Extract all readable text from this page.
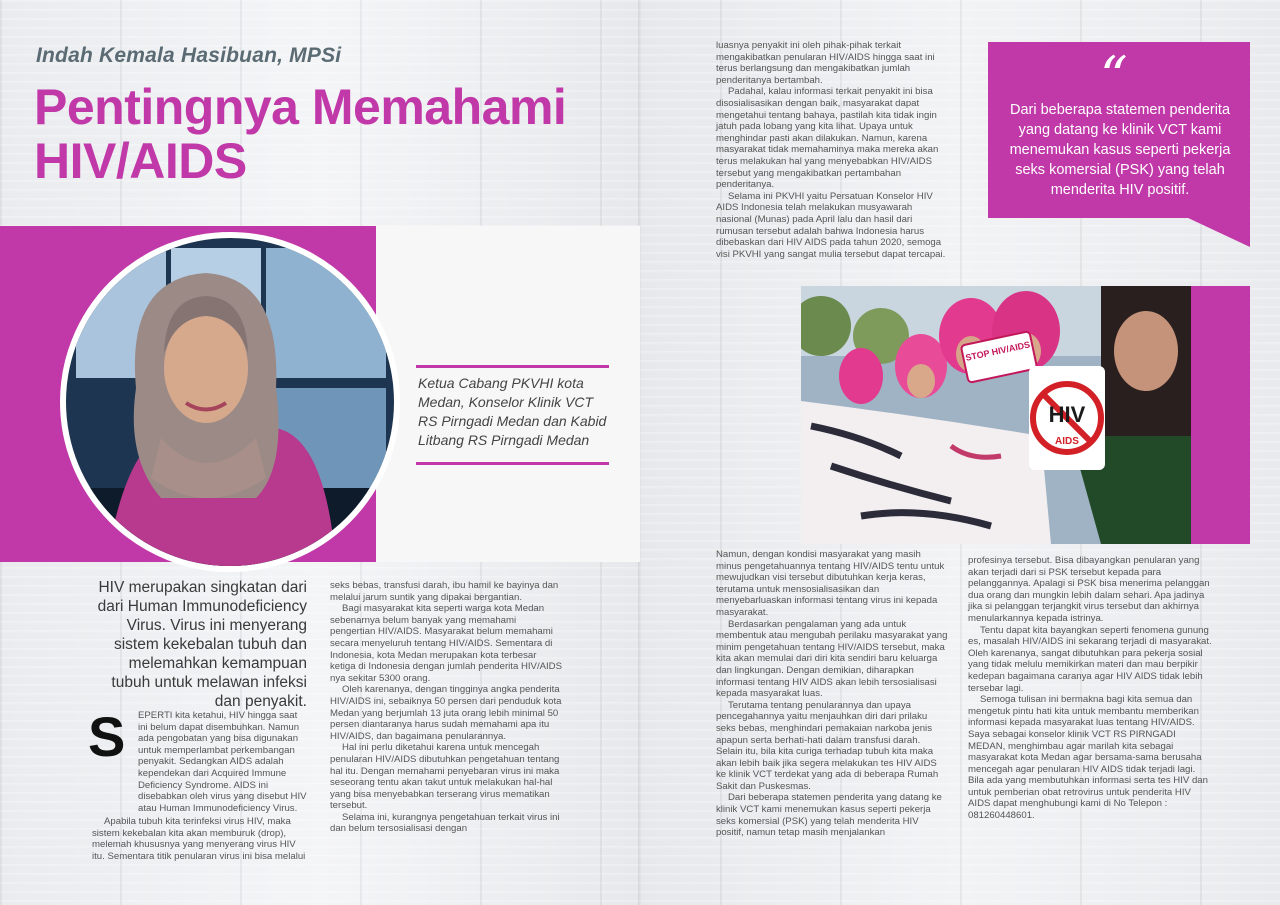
Indah Kemala Hasibuan, MPSi
Pentingnya Memahami HIV/AIDS
Ketua Cabang PKVHI kota Medan, Konselor Klinik VCT RS Pirngadi Medan dan Kabid Litbang RS Pirngadi Medan
HIV merupakan singkatan dari dari Human Immunodeficiency Virus. Virus ini menyerang sistem kekebalan tubuh dan melemahkan kemampuan tubuh untuk melawan infeksi dan penyakit.
S EPERTI kita ketahui, HIV hingga saat ini belum dapat disembuhkan. Namun ada pengobatan yang bisa digunakan untuk memperlambat perkembangan penyakit. Sedangkan AIDS adalah kependekan dari Acquired Immune Deficiency Syndrome. AIDS ini disebabkan oleh virus yang disebut HIV atau Human Immunodeficiency Virus.

Apabila tubuh kita terinfeksi virus HIV, maka sistem kekebalan kita akan memburuk (drop), melemah khususnya yang menyerang virus HIV itu. Sementara titik penularan virus ini bisa melalui

seks bebas, transfusi darah, ibu hamil ke bayinya dan melalui jarum suntik yang dipakai bergantian.

Bagi masyarakat kita seperti warga kota Medan sebenarnya belum banyak yang memahami pengertian HIV/AIDS. Masyarakat belum memahami secara menyeluruh tentang HIV/AIDS. Sementara di Indonesia, kota Medan merupakan kota terbesar ketiga di Indonesia dengan jumlah penderita HIV/AIDS nya sekitar 5300 orang.

Oleh karenanya, dengan tingginya angka penderita HIV/AIDS ini, sebaiknya 50 persen dari penduduk kota Medan yang berjumlah 13 juta orang lebih minimal 50 persen diantaranya harus sudah memahami apa itu HIV/AIDS, dan bagaimana penularannya.

Hal ini perlu diketahui karena untuk mencegah penularan HIV/AIDS dibutuhkan pengetahuan tentang hal itu. Dengan memahami penyebaran virus ini maka seseorang tentu akan takut untuk melakukan hal-hal yang bisa menyebabkan terserang virus mematikan tersebut.

Selama ini, kurangnya pengetahuan terkait virus ini dan belum tersosialisasi dengan

luasnya penyakit ini oleh pihak-pihak terkait mengakibatkan penularan HIV/AIDS hingga saat ini terus berlangsung dan mengakibatkan jumlah penderitanya bertambah.

Padahal, kalau informasi terkait penyakit ini bisa disosialisasikan dengan baik, masyarakat dapat mengetahui tentang bahaya, pastilah kita tidak ingin jatuh pada lobang yang kita lihat. Upaya untuk menghindar pasti akan dilakukan. Namun, karena masyarakat tidak memahaminya maka mereka akan terus melakukan hal yang menyebabkan HIV/AIDS tersebut yang mengakibatkan pertambahan penderitanya.

Selama ini PKVHI yaitu Persatuan Konselor HIV AIDS Indonesia telah melakukan musyawarah nasional (Munas) pada April lalu dan hasil dari rumusan tersebut adalah bahwa Indonesia harus dibebaskan dari HIV AIDS pada tahun 2020, semoga visi PKVHI yang sangat mulia tersebut dapat tercapai.

“
Dari beberapa statemen penderita yang datang ke klinik VCT kami menemukan kasus seperti pekerja seks komersial (PSK) yang telah menderita HIV positif.
STOP HIV/AIDS
HIV
AIDS

Namun, dengan kondisi masyarakat yang masih minus pengetahuannya tentang HIV/AIDS tentu untuk mewujudkan visi tersebut dibutuhkan kerja keras, terutama untuk mensosialisasikan dan menyebarluaskan informasi tentang virus ini kepada masyarakat.

Berdasarkan pengalaman yang ada untuk membentuk atau mengubah perilaku masyarakat yang minim pengetahuan tentang HIV/AIDS tersebut, maka kita akan memulai dari diri kita sendiri baru keluarga dan lingkungan. Dengan demikian, diharapkan informasi tentang HIV AIDS akan lebih tersosialisasi kepada masyarakat luas.

Terutama tentang penularannya dan upaya pencegahannya yaitu menjauhkan diri dari prilaku seks bebas, menghindari pemakaian narkoba jenis apapun serta berhati-hati dalam transfusi darah. Selain itu, bila kita curiga terhadap tubuh kita maka akan lebih baik jika segera melakukan tes HIV AIDS ke klinik VCT terdekat yang ada di beberapa Rumah Sakit dan Puskesmas.

Dari beberapa statemen penderita yang datang ke klinik VCT kami menemukan kasus seperti pekerja seks komersial (PSK) yang telah menderita HIV positif, namun tetap masih menjalankan

profesinya tersebut. Bisa dibayangkan penularan yang akan terjadi dari si PSK tersebut kepada para pelanggannya. Apalagi si PSK bisa menerima pelanggan dua orang dan mungkin lebih dalam sehari. Apa jadinya jika si pelanggan terjangkit virus tersebut dan akhirnya menularkannya kepada istrinya.

Tentu dapat kita bayangkan seperti fenomena gunung es, masalah HIV/AIDS ini sekarang terjadi di masyarakat. Oleh karenanya, sangat dibutuhkan para pekerja sosial yang tidak melulu memikirkan materi dan mau berpikir kedepan bagaimana caranya agar HIV AIDS tidak lebih tersebar lagi.

Semoga tulisan ini bermakna bagi kita semua dan mengetuk pintu hati kita untuk membantu memberikan informasi kepada masyarakat luas tentang HIV/AIDS. Saya sebagai konselor klinik VCT RS PIRNGADI MEDAN, menghimbau agar marilah kita sebagai masyarakat kota Medan agar bersama-sama berusaha mencegah agar penularan HIV AIDS tidak terjadi lagi. Bila ada yang membutuhkan informasi serta tes HIV dan untuk pemberian obat retrovirus untuk penderita HIV AIDS dapat menghubungi kami di No Telepon : 081260448601.
